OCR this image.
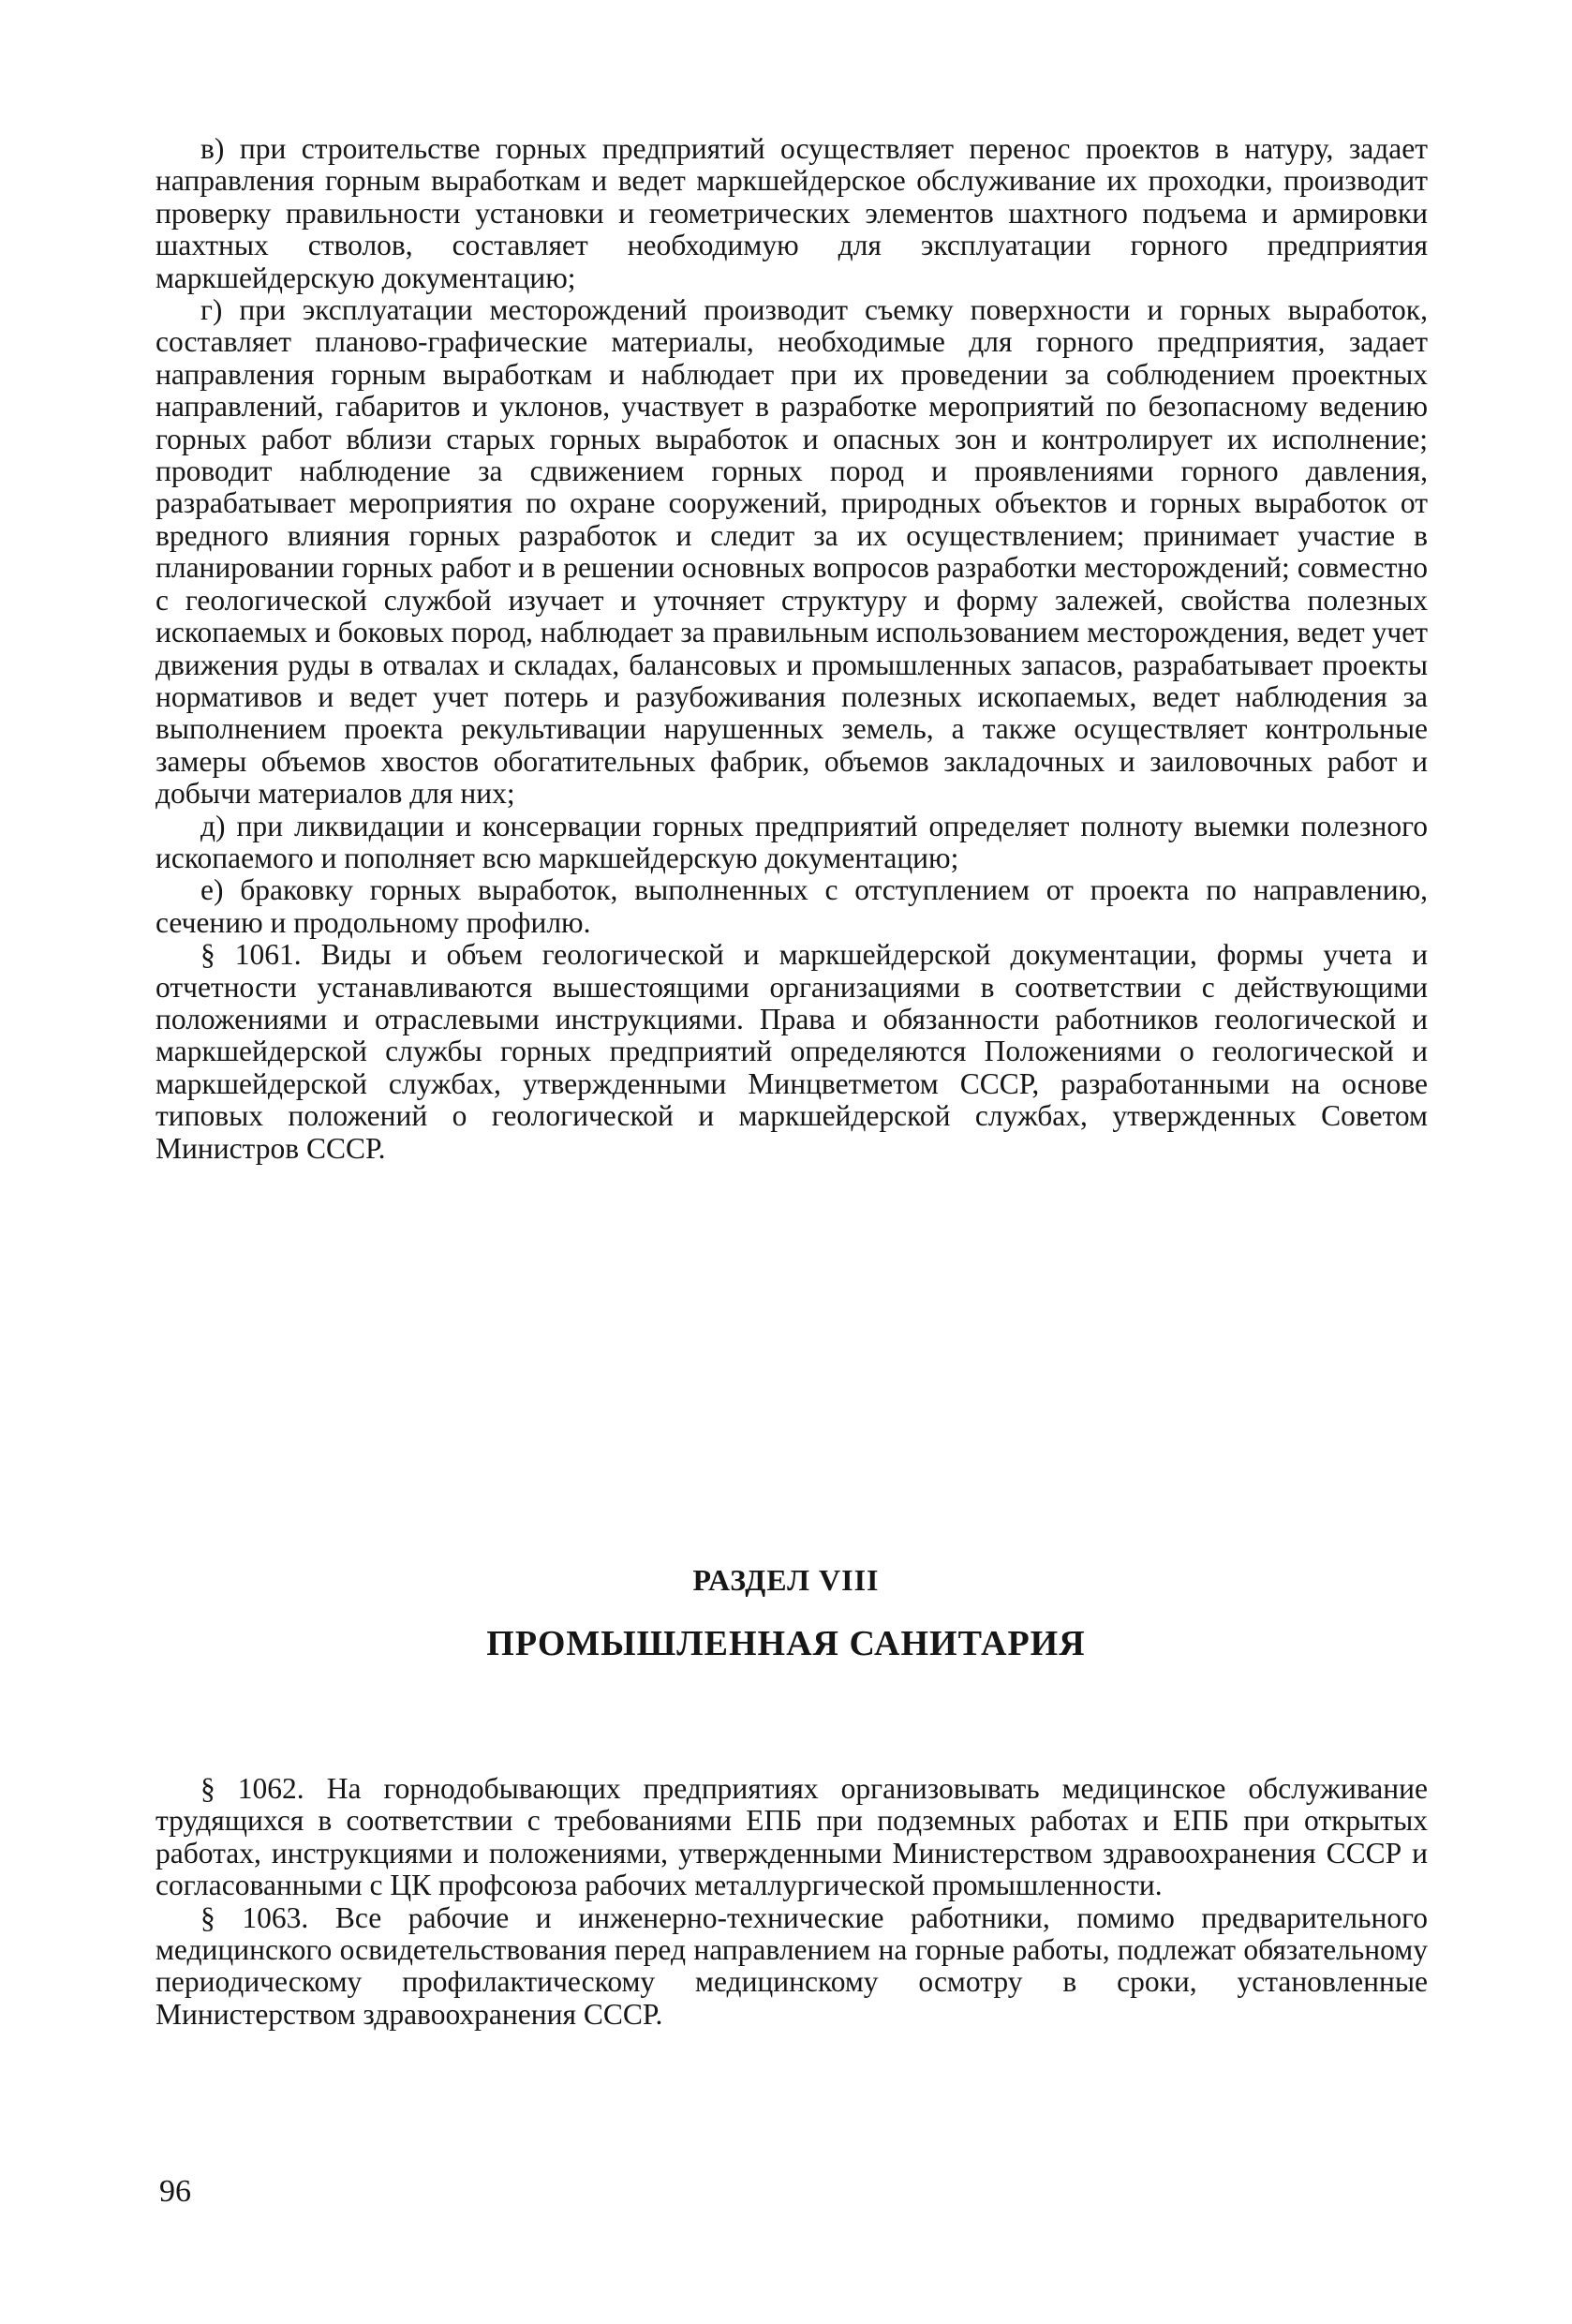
в) при строительстве горных предприятий осуществляет перенос проектов в натуру, задает направления горным выработкам и ведет маркшейдерское обслуживание их проходки, производит проверку правильности установки и геометрических элементов шахтного подъема и армировки шахтных стволов, составляет необходимую для эксплуатации горного предприятия маркшейдерскую документацию;

г) при эксплуатации месторождений производит съемку поверхности и горных выработок, составляет планово-графические материалы, необходимые для горного предприятия, задает направления горным выработкам и наблюдает при их проведении за соблюдением проектных направлений, габаритов и уклонов, участвует в разработке мероприятий по безопасному ведению горных работ вблизи старых горных выработок и опасных зон и контролирует их исполнение; проводит наблюдение за сдвижением горных пород и проявлениями горного давления, разрабатывает мероприятия по охране сооружений, природных объектов и горных выработок от вредного влияния горных разработок и следит за их осуществлением; принимает участие в планировании горных работ и в решении основных вопросов разработки месторождений; совместно с геологической службой изучает и уточняет структуру и форму залежей, свойства полезных ископаемых и боковых пород, наблюдает за правильным использованием месторождения, ведет учет движения руды в отвалах и складах, балансовых и промышленных запасов, разрабатывает проекты нормативов и ведет учет потерь и разубоживания полезных ископаемых, ведет наблюдения за выполнением проекта рекультивации нарушенных земель, а также осуществляет контрольные замеры объемов хвостов обогатительных фабрик, объемов закладочных и заиловочных работ и добычи материалов для них;

д) при ликвидации и консервации горных предприятий определяет полноту выемки полезного ископаемого и пополняет всю маркшейдерскую документацию;

е) браковку горных выработок, выполненных с отступлением от проекта по направлению, сечению и продольному профилю.

§ 1061. Виды и объем геологической и маркшейдерской документации, формы учета и отчетности устанавливаются вышестоящими организациями в соответствии с действующими положениями и отраслевыми инструкциями. Права и обязанности работников геологической и маркшейдерской службы горных предприятий определяются Положениями о геологической и маркшейдерской службах, утвержденными Минцветметом СССР, разработанными на основе типовых положений о геологической и маркшейдерской службах, утвержденных Советом Министров СССР.

РАЗДЕЛ VIII
ПРОМЫШЛЕННАЯ САНИТАРИЯ

§ 1062. На горнодобывающих предприятиях организовывать медицинское обслуживание трудящихся в соответствии с требованиями ЕПБ при подземных работах и ЕПБ при открытых работах, инструкциями и положениями, утвержденными Министерством здравоохранения СССР и согласованными с ЦК профсоюза рабочих металлургической промышленности.

§ 1063. Все рабочие и инженерно-технические работники, помимо предварительного медицинского освидетельствования перед направлением на горные работы, подлежат обязательному периодическому профилактическому медицинскому осмотру в сроки, установленные Министерством здравоохранения СССР.

96
